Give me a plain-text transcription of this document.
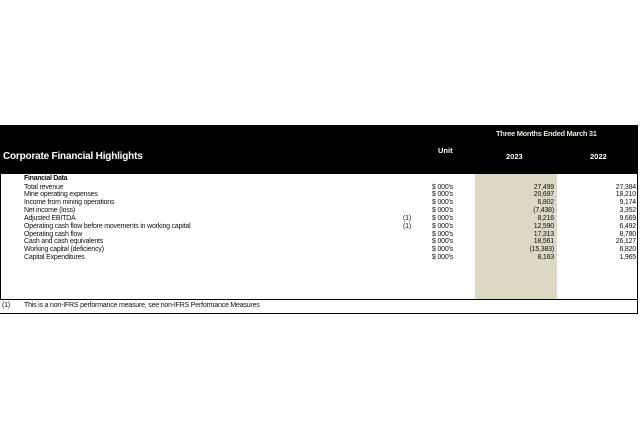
Corporate Financial Highlights
Three Months Ended March 31
Unit
2023	2022
Financial Data
Total revenue	$ 000's	27,499	27,384
Mine operating expenses	$ 000's	20,697	18,210
Income from mining operations	$ 000's	6,802	9,174
Net income (loss)	$ 000's	(7,438)	3,352
Adjusted EBITDA	(1)	$ 000's	8,216	9,669
Operating cash flow before movements in working capital	(1)	$ 000's	12,590	6,492
Operating cash flow	$ 000's	17,313	8,780
Cash and cash equivalents	$ 000's	18,561	26,127
Working capital (deficiency)	$ 000's	(15,383)	6,820
Capital Expenditures	$ 000's	8,163	1,965
(1) This is a non-IFRS performance measure, see non-IFRS Performance Measures
